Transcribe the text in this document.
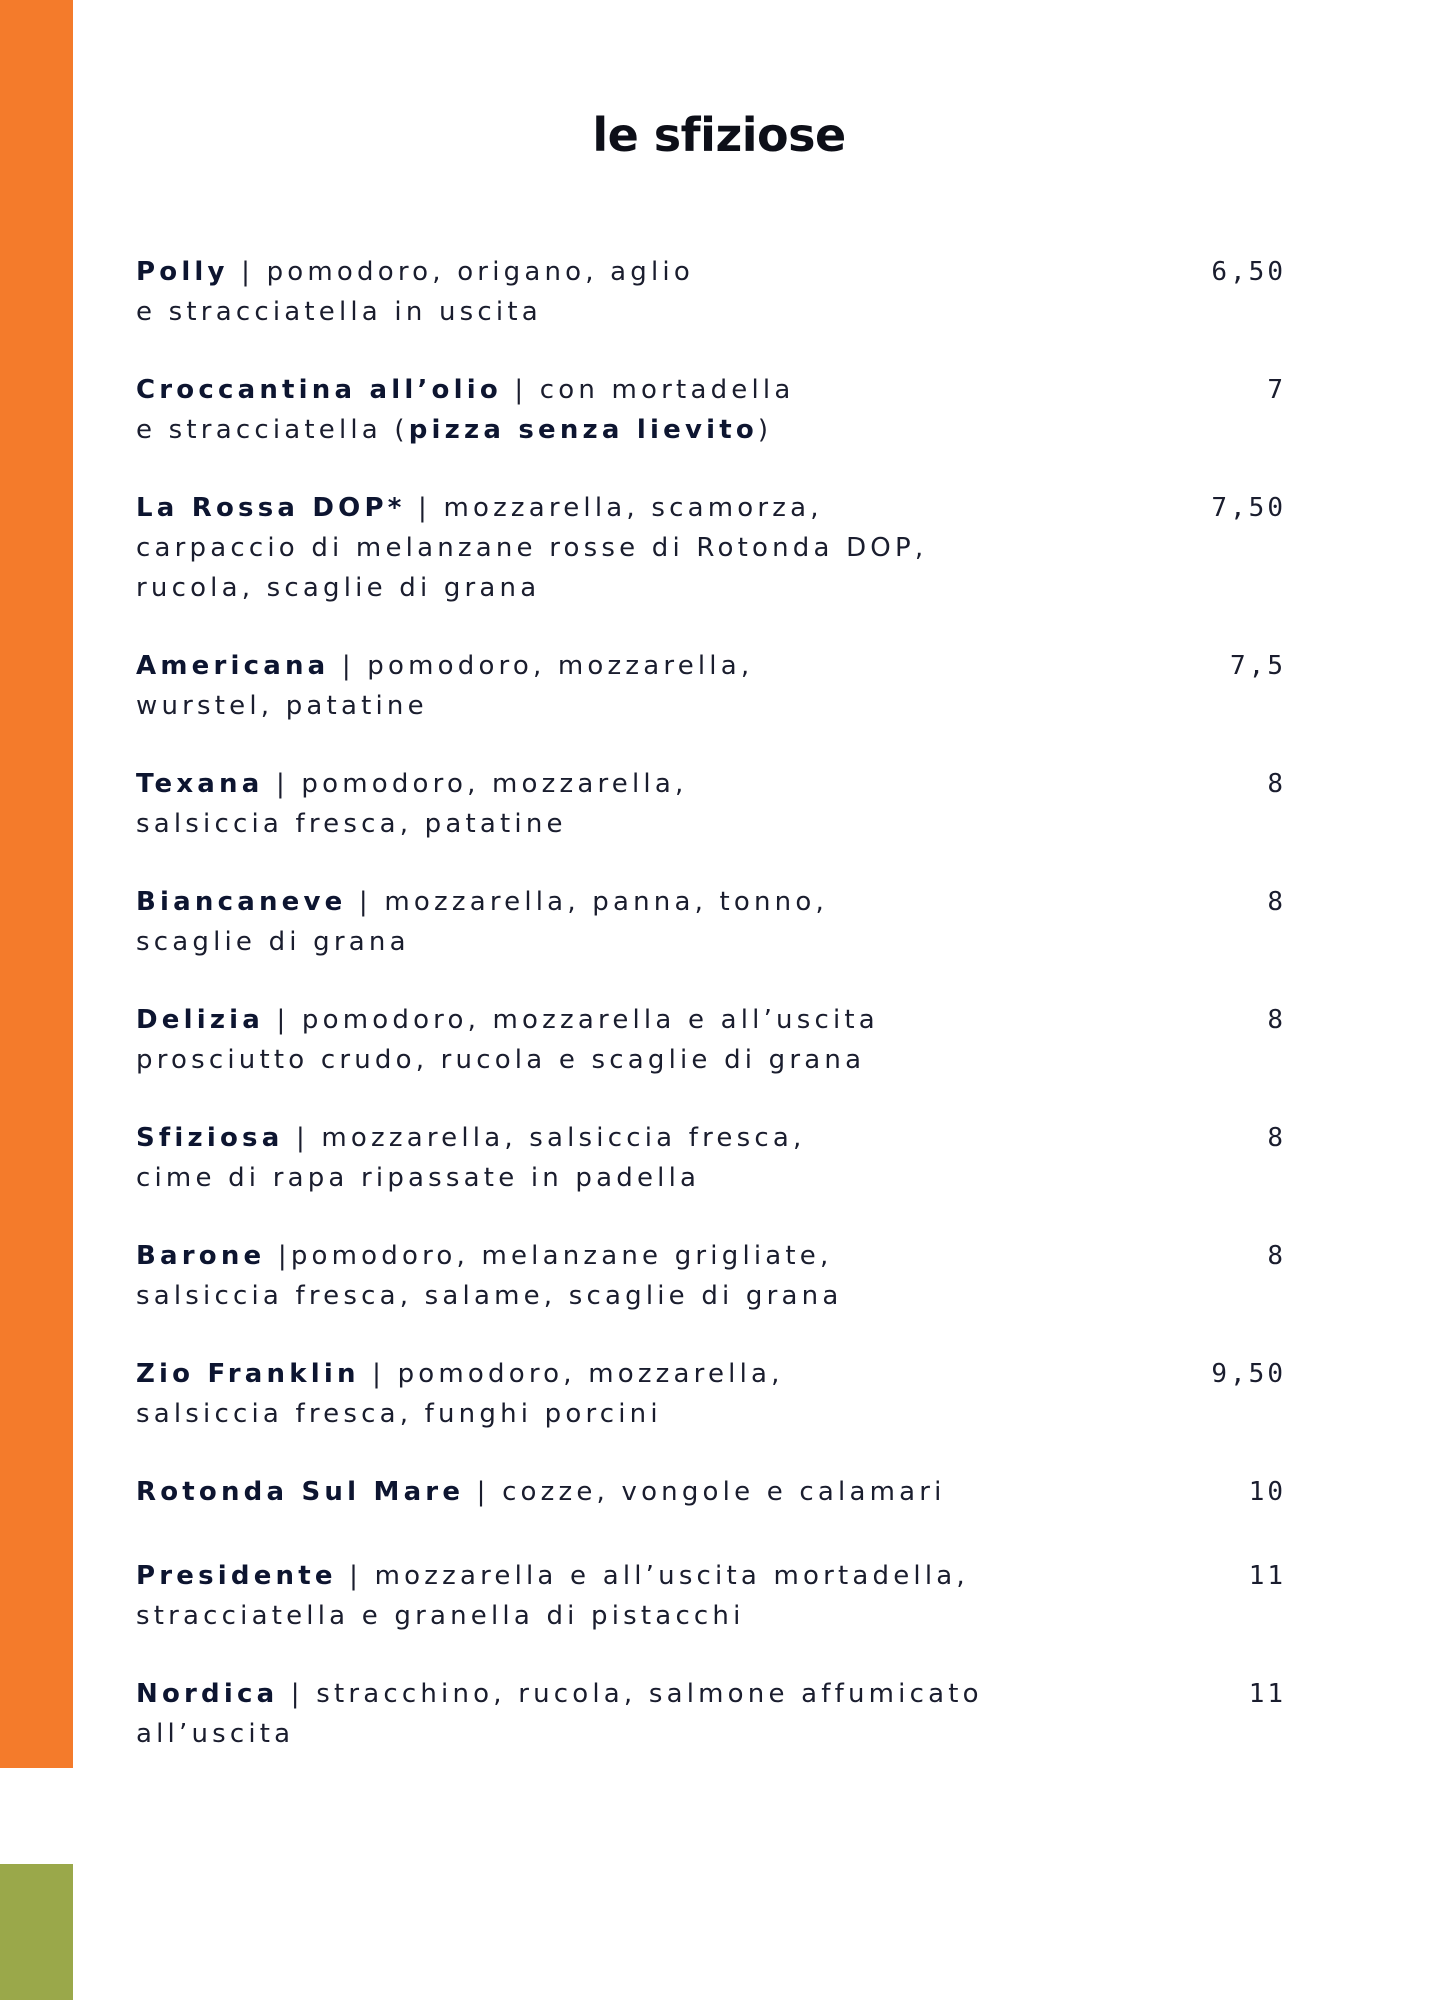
le sfiziose
Polly | pomodoro, origano, aglio
e stracciatella in uscita
6,50
Croccantina all’olio | con mortadella
e stracciatella (pizza senza lievito)
7
La Rossa DOP* | mozzarella, scamorza,
carpaccio di melanzane rosse di Rotonda DOP,
rucola, scaglie di grana
7,50
Americana | pomodoro, mozzarella,
wurstel, patatine
7,5
Texana | pomodoro, mozzarella,
salsiccia fresca, patatine
8
Biancaneve | mozzarella, panna, tonno,
scaglie di grana
8
Delizia | pomodoro, mozzarella e all’uscita
prosciutto crudo, rucola e scaglie di grana
8
Sfiziosa | mozzarella, salsiccia fresca,
cime di rapa ripassate in padella
8
Barone |pomodoro, melanzane grigliate,
salsiccia fresca, salame, scaglie di grana
8
Zio Franklin | pomodoro, mozzarella,
salsiccia fresca, funghi porcini
9,50
Rotonda Sul Mare | cozze, vongole e calamari	10
Presidente | mozzarella e all’uscita mortadella,
stracciatella e granella di pistacchi
11
Nordica | stracchino, rucola, salmone affumicato
all’uscita
11
